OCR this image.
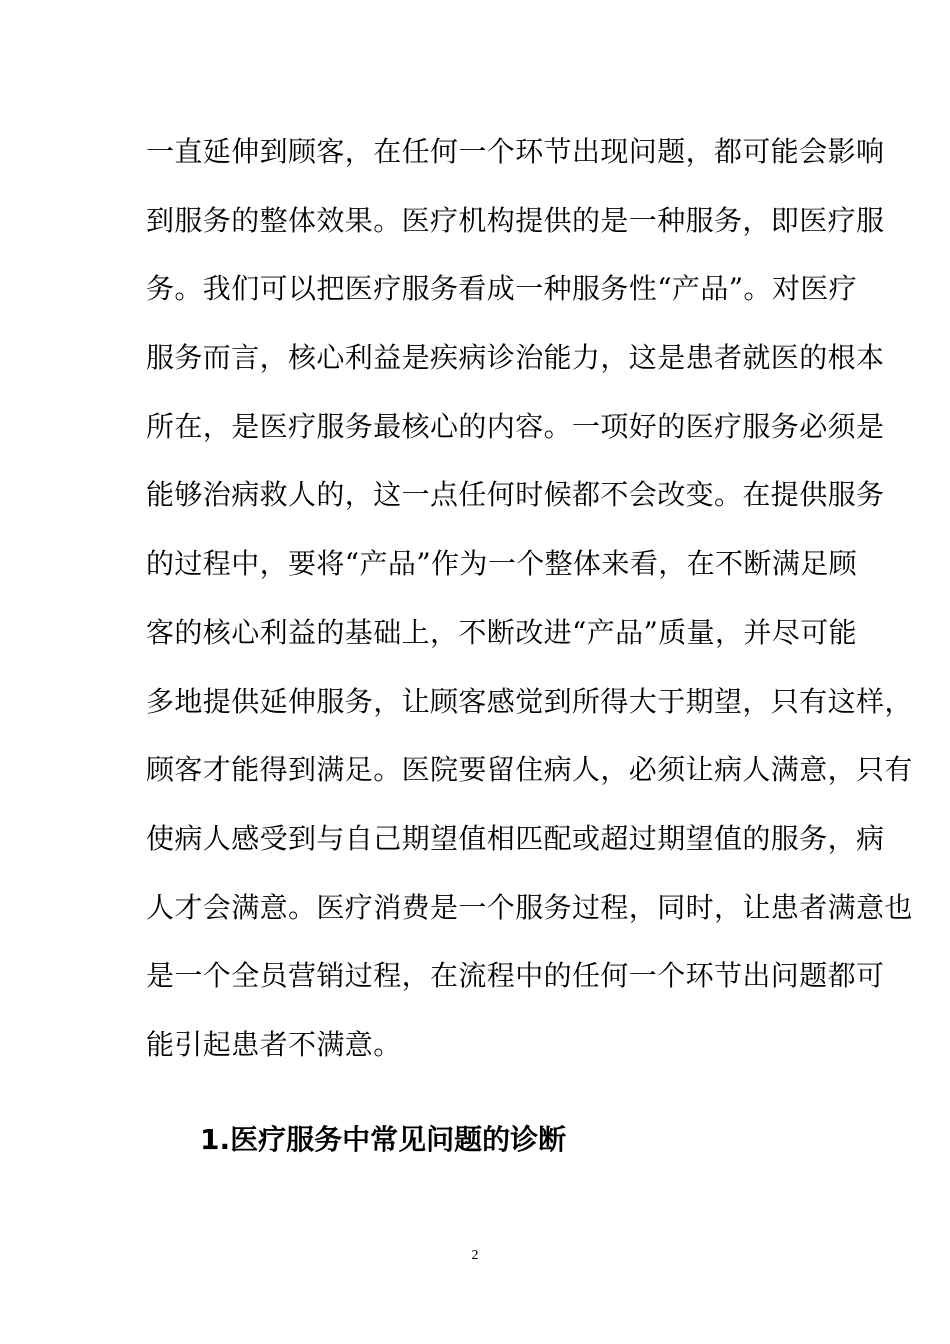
一直延伸到顾客，在任何一个环节出现问题，都可能会影响
到服务的整体效果。医疗机构提供的是一种服务，即医疗服
务。我们可以把医疗服务看成一种服务性“产品”。对医疗
服务而言，核心利益是疾病诊治能力，这是患者就医的根本
所在，是医疗服务最核心的内容。一项好的医疗服务必须是
能够治病救人的，这一点任何时候都不会改变。在提供服务
的过程中，要将“产品”作为一个整体来看，在不断满足顾
客的核心利益的基础上，不断改进“产品”质量，并尽可能
多地提供延伸服务，让顾客感觉到所得大于期望，只有这样，
顾客才能得到满足。医院要留住病人，必须让病人满意，只有
使病人感受到与自己期望值相匹配或超过期望值的服务，病
人才会满意。医疗消费是一个服务过程，同时，让患者满意也
是一个全员营销过程，在流程中的任何一个环节出问题都可
能引起患者不满意。
1.医疗服务中常见问题的诊断
2
